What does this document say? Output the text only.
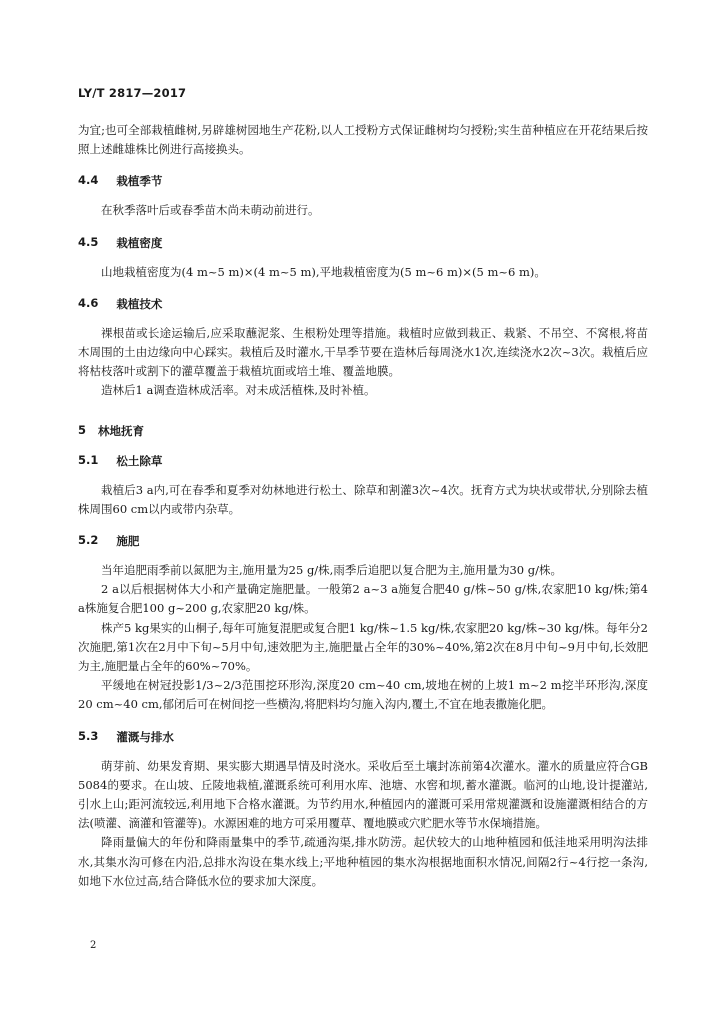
LY/T 2817—2017

为宜;也可全部栽植雌树,另辟雄树园地生产花粉,以人工授粉方式保证雌树均匀授粉;实生苗种植应在开花结果后按照上述雌雄株比例进行高接换头。

4.4 栽植季节

在秋季落叶后或春季苗木尚未萌动前进行。

4.5 栽植密度

山地栽植密度为(4 m~5 m)×(4 m~5 m),平地栽植密度为(5 m~6 m)×(5 m~6 m)。

4.6 栽植技术

裸根苗或长途运输后,应采取蘸泥浆、生根粉处理等措施。栽植时应做到栽正、栽紧、不吊空、不窝根,将苗木周围的土由边缘向中心踩实。栽植后及时灌水,干旱季节要在造林后每周浇水1次,连续浇水2次~3次。栽植后应将枯枝落叶或割下的灌草覆盖于栽植坑面或培土堆、覆盖地膜。

造林后1 a调查造林成活率。对未成活植株,及时补植。

5 林地抚育
5.1 松土除草

栽植后3 a内,可在春季和夏季对幼林地进行松土、除草和割灌3次~4次。抚育方式为块状或带状,分别除去植株周围60 cm以内或带内杂草。

5.2 施肥

当年追肥雨季前以氮肥为主,施用量为25 g/株,雨季后追肥以复合肥为主,施用量为30 g/株。

2 a以后根据树体大小和产量确定施肥量。一般第2 a~3 a施复合肥40 g/株~50 g/株,农家肥10 kg/株;第4 a株施复合肥100 g~200 g,农家肥20 kg/株。

株产5 kg果实的山桐子,每年可施复混肥或复合肥1 kg/株~1.5 kg/株,农家肥20 kg/株~30 kg/株。每年分2次施肥,第1次在2月中下旬~5月中旬,速效肥为主,施肥量占全年的30%~40%,第2次在8月中旬~9月中旬,长效肥为主,施肥量占全年的60%~70%。

平缓地在树冠投影1/3~2/3范围挖环形沟,深度20 cm~40 cm,坡地在树的上坡1 m~2 m挖半环形沟,深度20 cm~40 cm,郁闭后可在树间挖一些横沟,将肥料均匀施入沟内,覆土,不宜在地表撒施化肥。

5.3 灌溉与排水

萌芽前、幼果发育期、果实膨大期遇旱情及时浇水。采收后至土壤封冻前第4次灌水。灌水的质量应符合GB 5084的要求。在山坡、丘陵地栽植,灌溉系统可利用水库、池塘、水窖和坝,蓄水灌溉。临河的山地,设计提灌站,引水上山;距河流较远,利用地下合格水灌溉。为节约用水,种植园内的灌溉可采用常规灌溉和设施灌溉相结合的方法(喷灌、滴灌和管灌等)。水源困难的地方可采用覆草、覆地膜或穴贮肥水等节水保墒措施。

降雨量偏大的年份和降雨量集中的季节,疏通沟渠,排水防涝。起伏较大的山地种植园和低洼地采用明沟法排水,其集水沟可修在内沿,总排水沟设在集水线上;平地种植园的集水沟根据地面积水情况,间隔2行~4行挖一条沟,如地下水位过高,结合降低水位的要求加大深度。

2
